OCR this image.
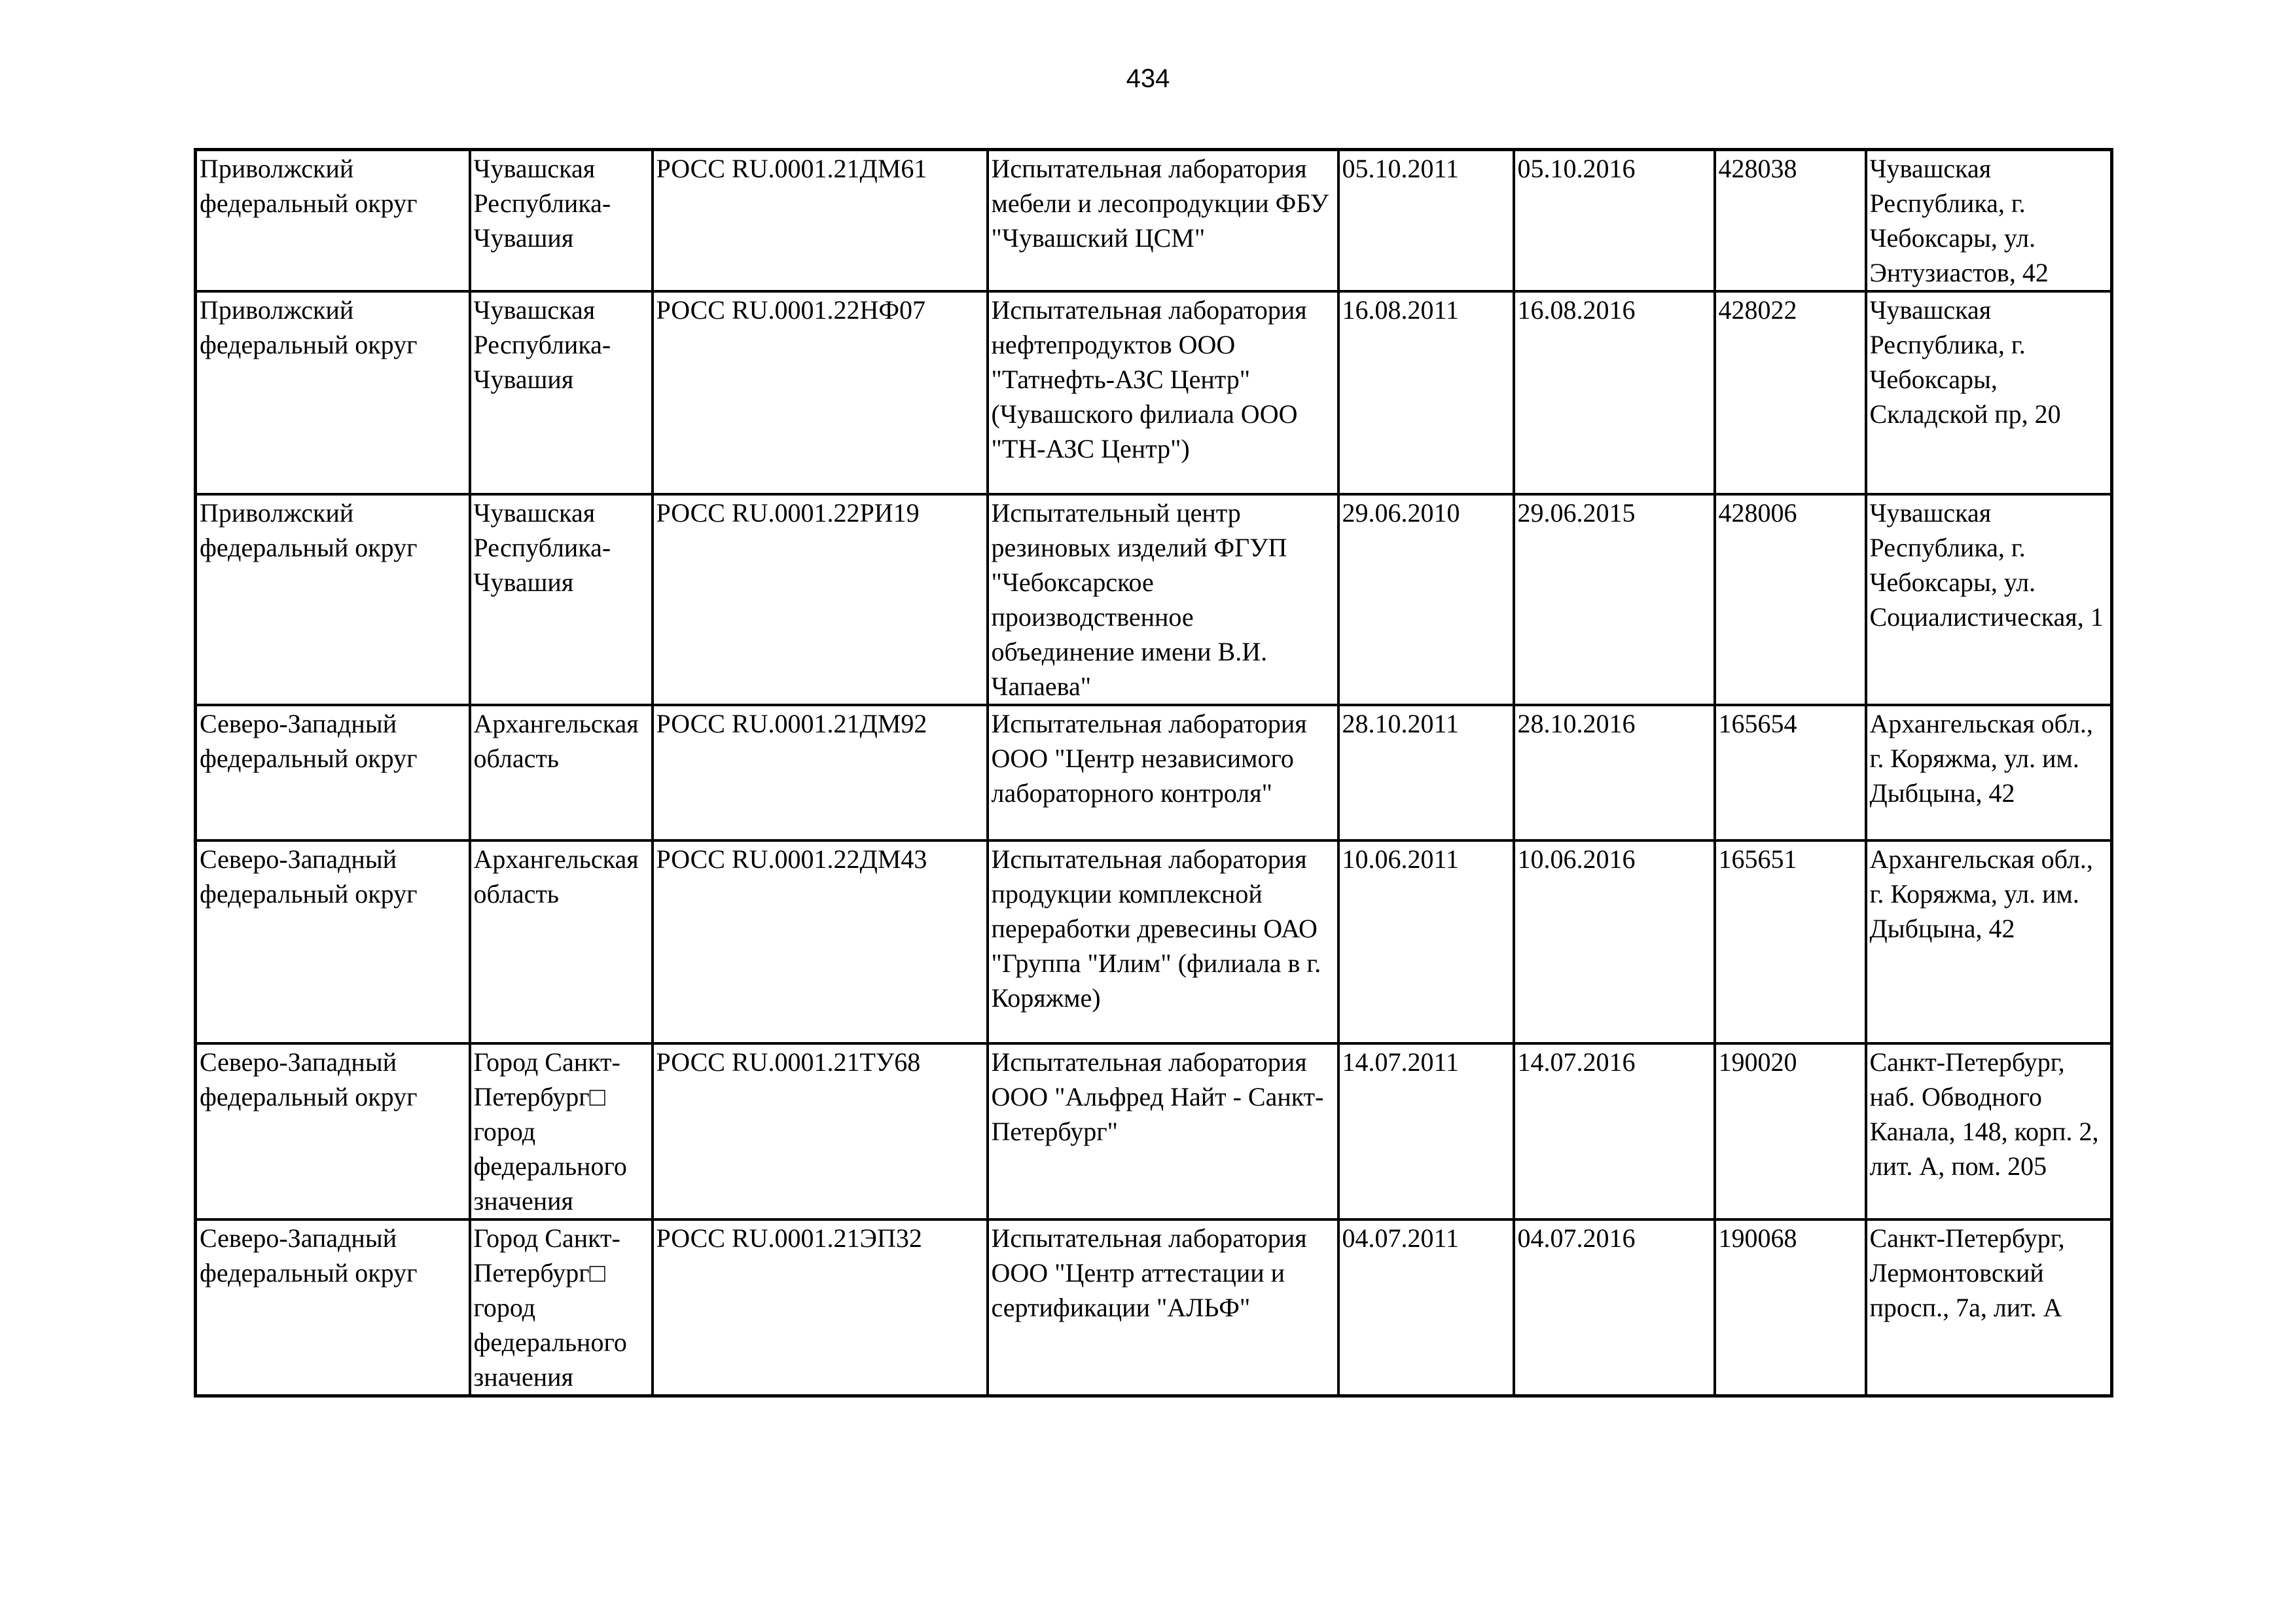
434
Приволжский федеральный округ	Чувашская Республика-Чувашия	РОСС RU.0001.21ДМ61	Испытательная лаборатория мебели и лесопродукции ФБУ "Чувашский ЦСМ"	05.10.2011	05.10.2016	428038	Чувашская Республика, г. Чебоксары, ул. Энтузиастов, 42
Приволжский федеральный округ	Чувашская Республика-Чувашия	РОСС RU.0001.22НФ07	Испытательная лаборатория нефтепродуктов ООО "Татнефть-АЗС Центр" (Чувашского филиала ООО "ТН-АЗС Центр")	16.08.2011	16.08.2016	428022	Чувашская Республика, г. Чебоксары, Складской пр, 20
Приволжский федеральный округ	Чувашская Республика-Чувашия	РОСС RU.0001.22РИ19	Испытательный центр резиновых изделий ФГУП "Чебоксарское производственное объединение имени В.И. Чапаева"	29.06.2010	29.06.2015	428006	Чувашская Республика, г. Чебоксары, ул. Социалистическая, 1
Северо-Западный федеральный округ	Архангельская область	РОСС RU.0001.21ДМ92	Испытательная лаборатория ООО "Центр независимого лабораторного контроля"	28.10.2011	28.10.2016	165654	Архангельская обл., г. Коряжма, ул. им. Дыбцына, 42
Северо-Западный федеральный округ	Архангельская область	РОСС RU.0001.22ДМ43	Испытательная лаборатория продукции комплексной переработки древесины ОАО "Группа "Илим" (филиала в г. Коряжме)	10.06.2011	10.06.2016	165651	Архангельская обл., г. Коряжма, ул. им. Дыбцына, 42
Северо-Западный федеральный округ	Город Санкт-Петербург□ город федерального значения	РОСС RU.0001.21ТУ68	Испытательная лаборатория ООО "Альфред Найт - Санкт-Петербург"	14.07.2011	14.07.2016	190020	Санкт-Петербург, наб. Обводного Канала, 148, корп. 2, лит. А, пом. 205
Северо-Западный федеральный округ	Город Санкт-Петербург□ город федерального значения	РОСС RU.0001.21ЭП32	Испытательная лаборатория ООО "Центр аттестации и сертификации "АЛЬФ"	04.07.2011	04.07.2016	190068	Санкт-Петербург, Лермонтовский просп., 7а, лит. А
